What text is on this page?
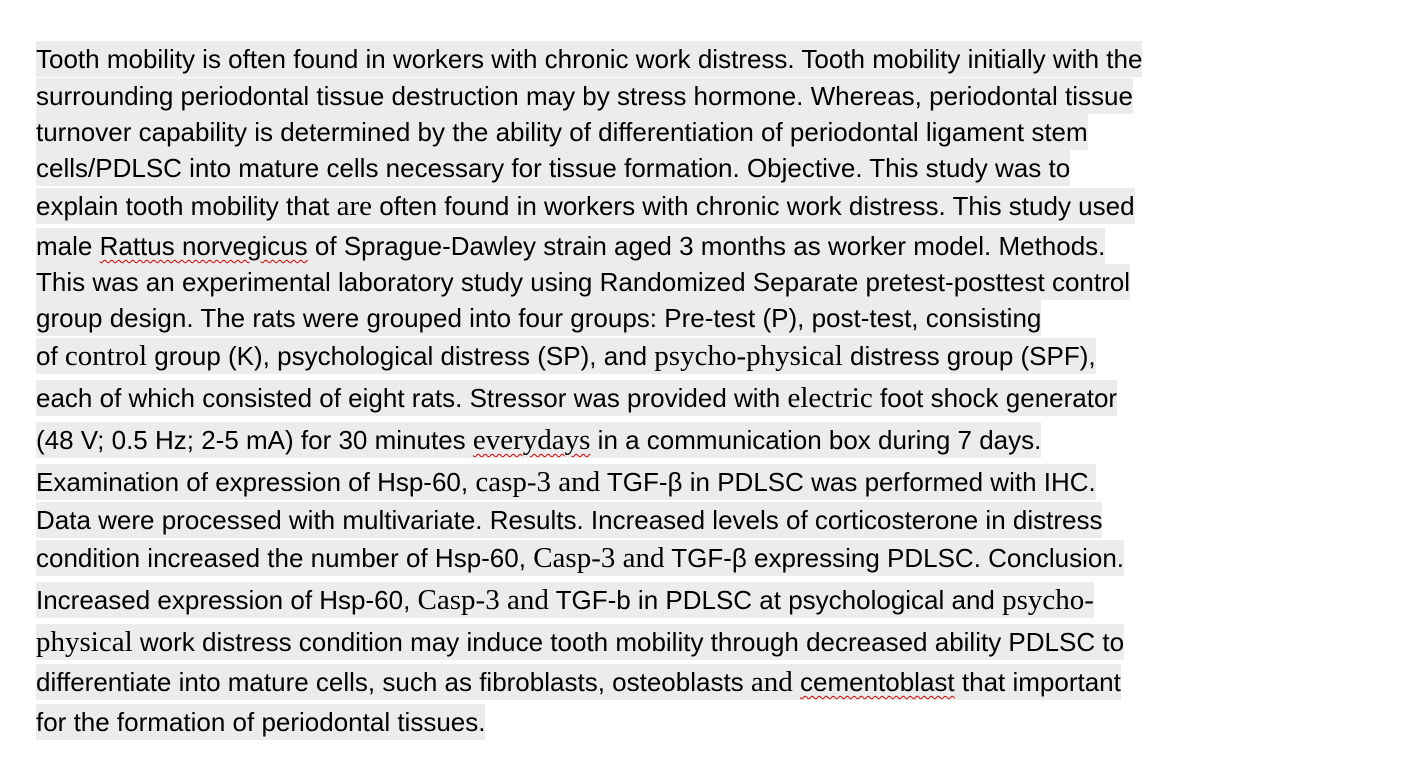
Tooth mobility is often found in workers with chronic work distress. Tooth mobility initially with the
surrounding periodontal tissue destruction may by stress hormone. Whereas, periodontal tissue
turnover capability is determined by the ability of differentiation of periodontal ligament stem
cells/PDLSC into mature cells necessary for tissue formation. Objective. This study was to
explain tooth mobility that are often found in workers with chronic work distress. This study used
male Rattus norvegicus of Sprague-Dawley strain aged 3 months as worker model. Methods.
This was an experimental laboratory study using Randomized Separate pretest-posttest control
group design. The rats were grouped into four groups: Pre-test (P), post-test, consisting
of control group (K), psychological distress (SP), and psycho-physical distress group (SPF),
each of which consisted of eight rats. Stressor was provided with electric foot shock generator
(48 V; 0.5 Hz; 2-5 mA) for 30 minutes everydays in a communication box during 7 days.
Examination of expression of Hsp-60, casp-3 and TGF-β in PDLSC was performed with IHC.
Data were processed with multivariate. Results. Increased levels of corticosterone in distress
condition increased the number of Hsp-60, Casp-3 and TGF-β expressing PDLSC. Conclusion.
Increased expression of Hsp-60, Casp-3 and TGF-b in PDLSC at psychological and psycho-
physical work distress condition may induce tooth mobility through decreased ability PDLSC to
differentiate into mature cells, such as fibroblasts, osteoblasts and cementoblast that important
for the formation of periodontal tissues.
